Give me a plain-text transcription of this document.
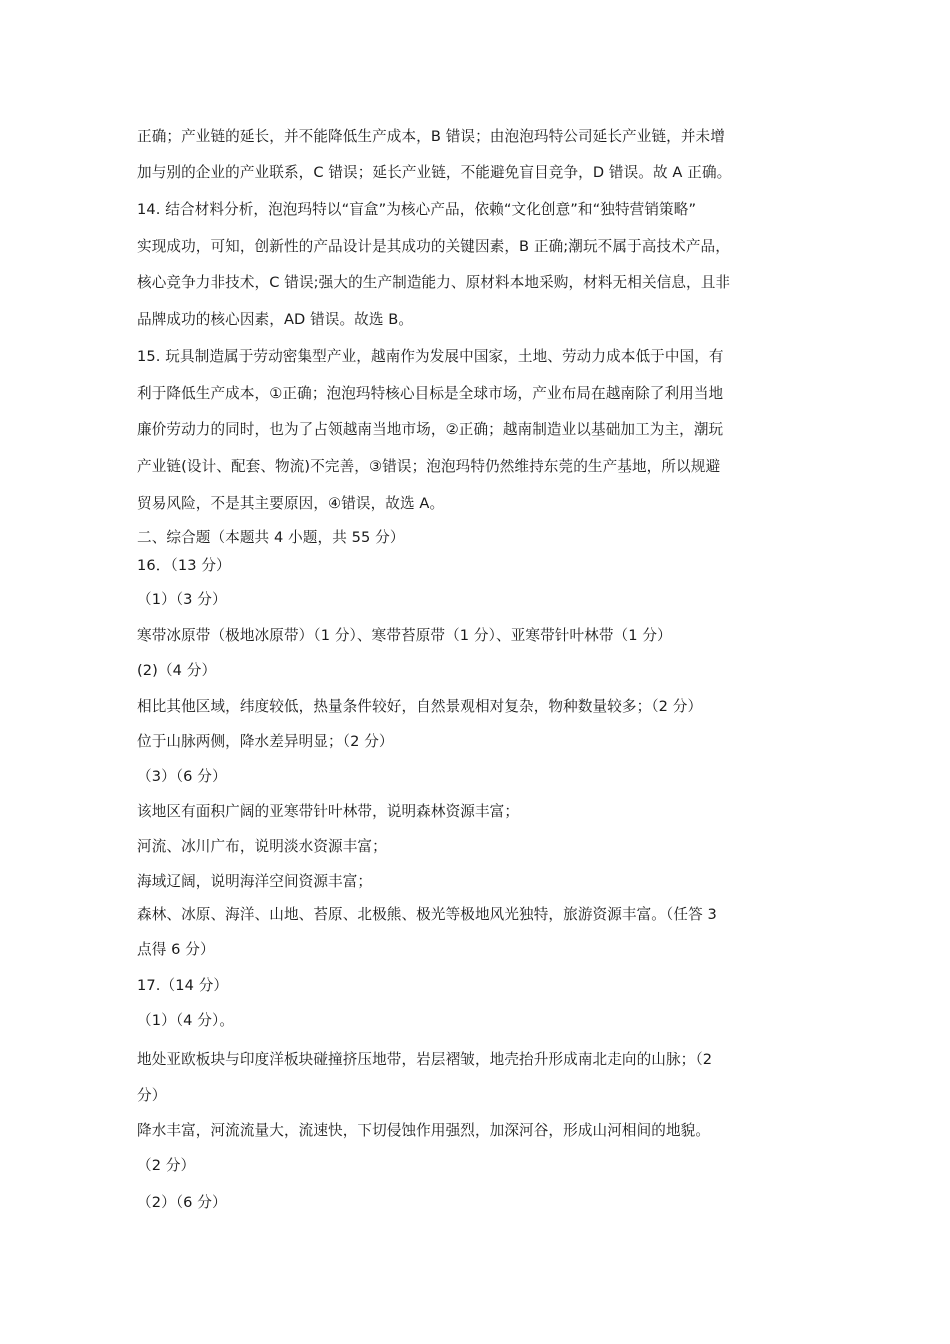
正确；产业链的延长，并不能降低生产成本，B 错误；由泡泡玛特公司延长产业链，并未增
加与别的企业的产业联系，C 错误；延长产业链，不能避免盲目竞争，D 错误。故 A 正确。
14. 结合材料分析，泡泡玛特以“盲盒”为核心产品，依赖“文化创意”和“独特营销策略”
实现成功，可知，创新性的产品设计是其成功的关键因素，B 正确;潮玩不属于高技术产品，
核心竞争力非技术，C 错误;强大的生产制造能力、原材料本地采购，材料无相关信息，且非
品牌成功的核心因素，AD 错误。故选 B。
15. 玩具制造属于劳动密集型产业，越南作为发展中国家，土地、劳动力成本低于中国，有
利于降低生产成本，①正确；泡泡玛特核心目标是全球市场，产业布局在越南除了利用当地
廉价劳动力的同时，也为了占领越南当地市场，②正确；越南制造业以基础加工为主，潮玩
产业链(设计、配套、物流)不完善，③错误；泡泡玛特仍然维持东莞的生产基地，所以规避
贸易风险，不是其主要原因，④错误，故选 A。
二、综合题（本题共 4 小题，共 55 分）
16．（13 分）
（1）（3 分）
寒带冰原带（极地冰原带）（1 分）、寒带苔原带（1 分）、亚寒带针叶林带（1 分）
(2)（4 分）
相比其他区域，纬度较低，热量条件较好，自然景观相对复杂，物种数量较多；（2 分）
位于山脉两侧，降水差异明显；（2 分）
（3）（6 分）
该地区有面积广阔的亚寒带针叶林带，说明森林资源丰富；
河流、冰川广布，说明淡水资源丰富；
海域辽阔，说明海洋空间资源丰富；
森林、冰原、海洋、山地、苔原、北极熊、极光等极地风光独特，旅游资源丰富。（任答 3
点得 6 分）
17.（14 分）
（1）（4 分）。
地处亚欧板块与印度洋板块碰撞挤压地带，岩层褶皱，地壳抬升形成南北走向的山脉；（2
分）
降水丰富，河流流量大，流速快，下切侵蚀作用强烈，加深河谷，形成山河相间的地貌。
（2 分）
（2）（6 分）
